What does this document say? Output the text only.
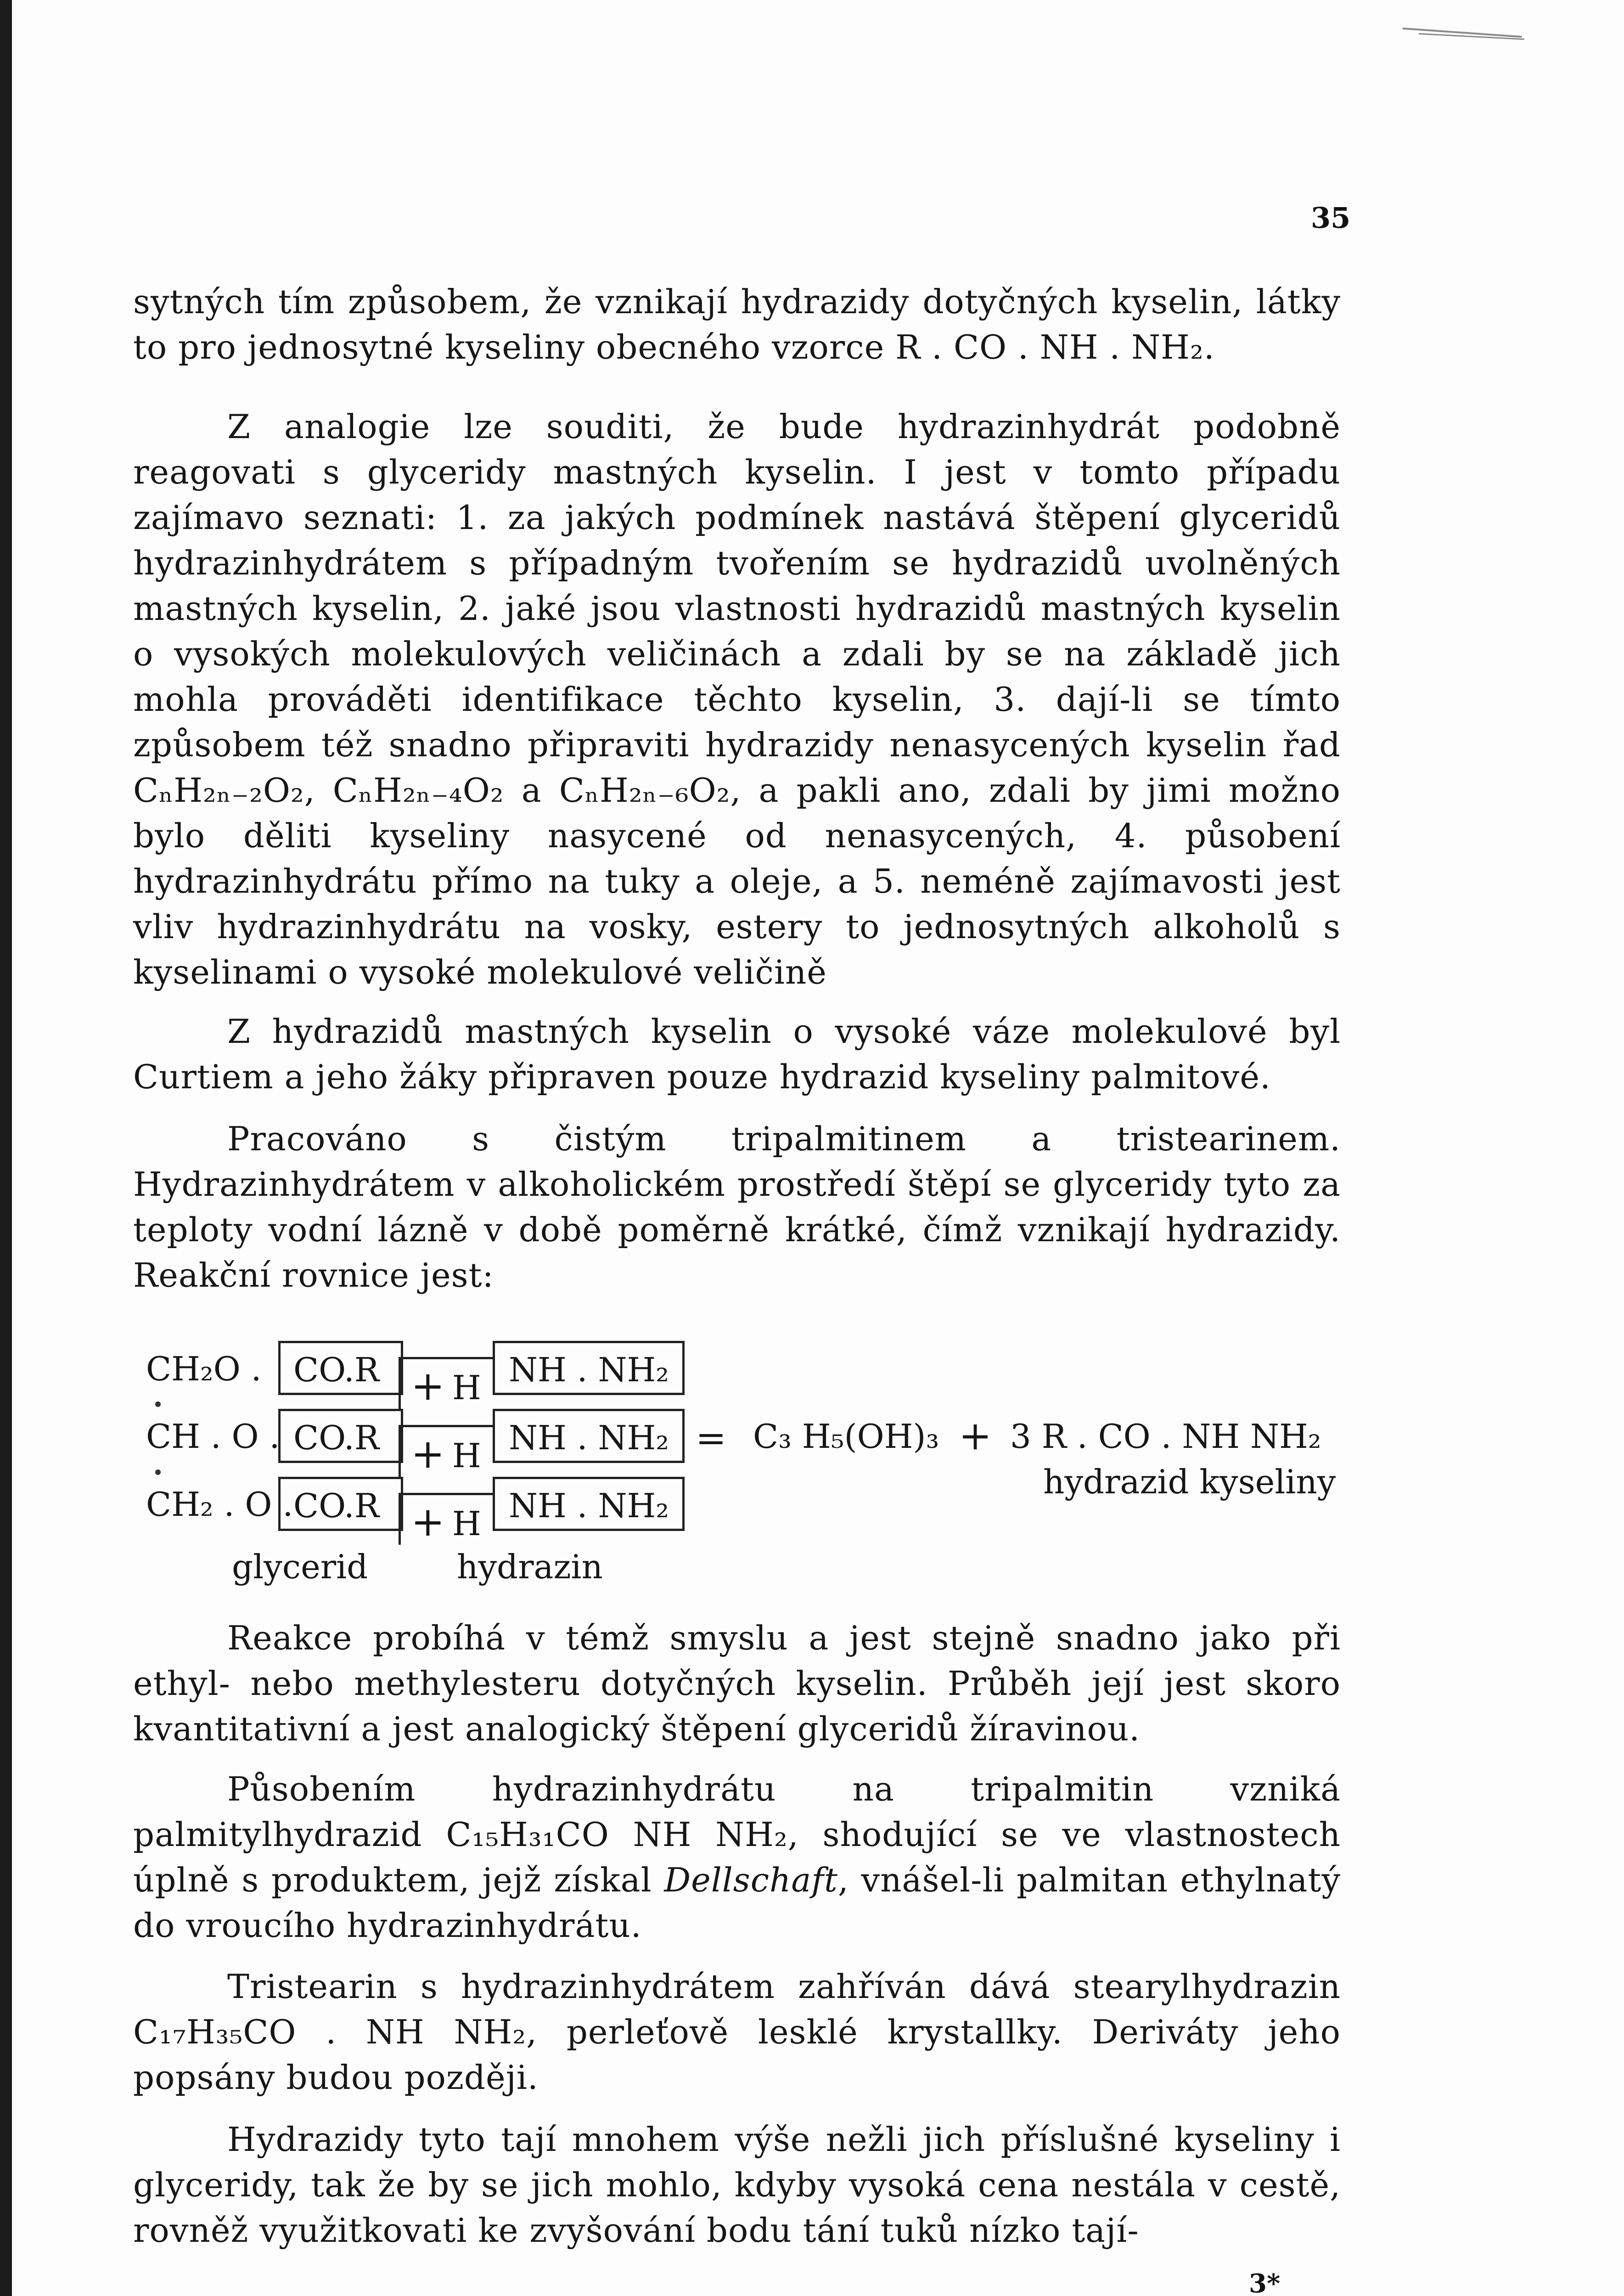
35

sytných tím způsobem, že vznikají hydrazidy dotyčných kyselin, látky to pro jednosytné kyseliny obecného vzorce R . CO . NH . NH₂.

Z analogie lze souditi, že bude hydrazinhydrát podobně reagovati s glyceridy mastných kyselin. I jest v tomto případu zajímavo seznati: 1. za jakých podmínek nastává štěpení glyceridů hydrazinhydrátem s případným tvořením se hydrazidů uvolněných mastných kyselin, 2. jaké jsou vlastnosti hydrazidů mastných kyselin o vysokých molekulových veličinách a zdali by se na základě jich mohla prováděti identifikace těchto kyselin, 3. dají-li se tímto způsobem též snadno připraviti hydrazidy nenasycených kyselin řad CₙH₂ₙ₋₂O₂, CₙH₂ₙ₋₄O₂ a CₙH₂ₙ₋₆O₂, a pakli ano, zdali by jimi možno bylo děliti kyseliny nasycené od nenasycených, 4. působení hydrazinhydrátu přímo na tuky a oleje, a 5. neméně zajímavosti jest vliv hydrazinhydrátu na vosky, estery to jednosytných alkoholů s kyselinami o vysoké molekulové veličině

Z hydrazidů mastných kyselin o vysoké váze molekulové byl Curtiem a jeho žáky připraven pouze hydrazid kyseliny palmitové.

Pracováno s čistým tripalmitinem a tristearinem. Hydrazinhydrátem v alkoholickém prostředí štěpí se glyceridy tyto za teploty vodní lázně v době poměrně krátké, čímž vznikají hydrazidy. Reakční rovnice jest:

CH₂O . CO.R + H NH . NH₂
CH . O . CO.R + H NH . NH₂
CH₂ . O . CO.R + H NH . NH₂
glycerid	hydrazin
= C₃ H₅(OH)₃ + 3 R . CO . NH NH₂
hydrazid kyseliny

Reakce probíhá v témž smyslu a jest stejně snadno jako při ethyl- nebo methylesteru dotyčných kyselin. Průběh její jest skoro kvantitativní a jest analogický štěpení glyceridů žíravinou.

Působením hydrazinhydrátu na tripalmitin vzniká palmitylhydrazid C₁₅H₃₁CO NH NH₂, shodující se ve vlastnostech úplně s produktem, jejž získal Dellschaft, vnášel-li palmitan ethylnatý do vroucího hydrazinhydrátu.

Tristearin s hydrazinhydrátem zahříván dává stearylhydrazin C₁₇H₃₅CO . NH NH₂, perleťově lesklé krystallky. Deriváty jeho popsány budou později.

Hydrazidy tyto tají mnohem výše nežli jich příslušné kyseliny i glyceridy, tak že by se jich mohlo, kdyby vysoká cena nestála v cestě, rovněž využitkovati ke zvyšování bodu tání tuků nízko tají-

3*
